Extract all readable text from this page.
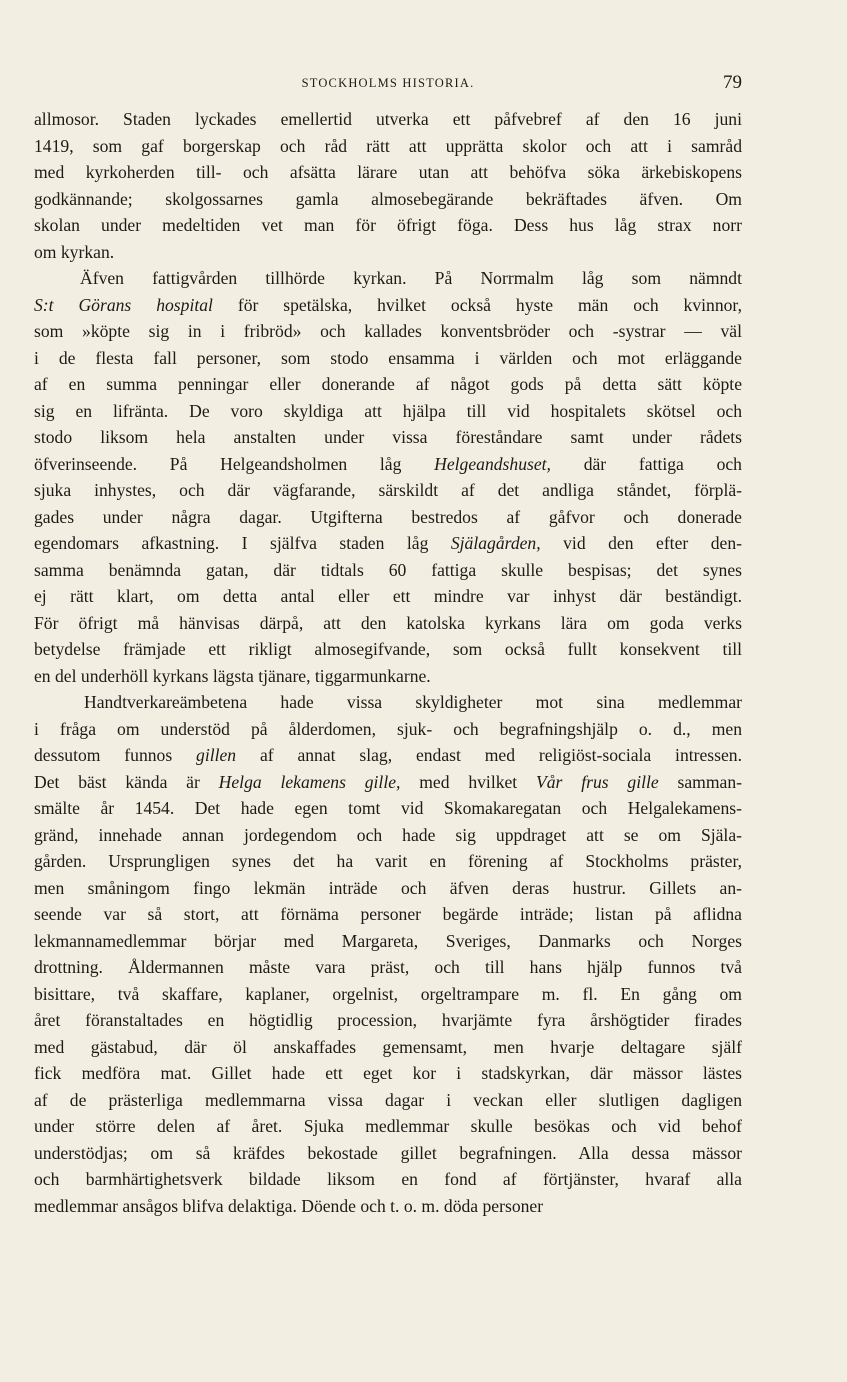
STOCKHOLMS HISTORIA.	79
allmosor. Staden lyckades emellertid utverka ett påfvebref af den 16 juni
1419, som gaf borgerskap och råd rätt att upprätta skolor och att i samråd
med kyrkoherden till- och afsätta lärare utan att behöfva söka ärkebiskopens
godkännande; skolgossarnes gamla almosebegärande bekräftades äfven. Om
skolan under medeltiden vet man för öfrigt föga. Dess hus låg strax norr
om kyrkan.
Äfven fattigvården tillhörde kyrkan. På Norrmalm låg som nämndt
S:t Görans hospital för spetälska, hvilket också hyste män och kvinnor,
som »köpte sig in i fribröd» och kallades konventsbröder och -systrar — väl
i de flesta fall personer, som stodo ensamma i världen och mot erläggande
af en summa penningar eller donerande af något gods på detta sätt köpte
sig en lifränta. De voro skyldiga att hjälpa till vid hospitalets skötsel och
stodo liksom hela anstalten under vissa föreståndare samt under rådets
öfverinseende. På Helgeandsholmen låg Helgeandshuset, där fattiga och
sjuka inhystes, och där vägfarande, särskildt af det andliga ståndet, förplä-
gades under några dagar. Utgifterna bestredos af gåfvor och donerade
egendomars afkastning. I själfva staden låg Själagården, vid den efter den-
samma benämnda gatan, där tidtals 60 fattiga skulle bespisas; det synes
ej rätt klart, om detta antal eller ett mindre var inhyst där beständigt.
För öfrigt må hänvisas därpå, att den katolska kyrkans lära om goda verks
betydelse främjade ett rikligt almosegifvande, som också fullt konsekvent till
en del underhöll kyrkans lägsta tjänare, tiggarmunkarne.
Handtverkareämbetena hade vissa skyldigheter mot sina medlemmar
i fråga om understöd på ålderdomen, sjuk- och begrafningshjälp o. d., men
dessutom funnos gillen af annat slag, endast med religiöst-sociala intressen.
Det bäst kända är Helga lekamens gille, med hvilket Vår frus gille samman-
smälte år 1454. Det hade egen tomt vid Skomakaregatan och Helgalekamens-
gränd, innehade annan jordegendom och hade sig uppdraget att se om Själa-
gården. Ursprungligen synes det ha varit en förening af Stockholms präster,
men småningom fingo lekmän inträde och äfven deras hustrur. Gillets an-
seende var så stort, att förnäma personer begärde inträde; listan på aflidna
lekmannamedlemmar börjar med Margareta, Sveriges, Danmarks och Norges
drottning. Åldermannen måste vara präst, och till hans hjälp funnos två
bisittare, två skaffare, kaplaner, orgelnist, orgeltrampare m. fl. En gång om
året föranstaltades en högtidlig procession, hvarjämte fyra årshögtider firades
med gästabud, där öl anskaffades gemensamt, men hvarje deltagare själf
fick medföra mat. Gillet hade ett eget kor i stadskyrkan, där mässor lästes
af de prästerliga medlemmarna vissa dagar i veckan eller slutligen dagligen
under större delen af året. Sjuka medlemmar skulle besökas och vid behof
understödjas; om så kräfdes bekostade gillet begrafningen. Alla dessa mässor
och barmhärtighetsverk bildade liksom en fond af förtjänster, hvaraf alla
medlemmar ansågos blifva delaktiga. Döende och t. o. m. döda personer
